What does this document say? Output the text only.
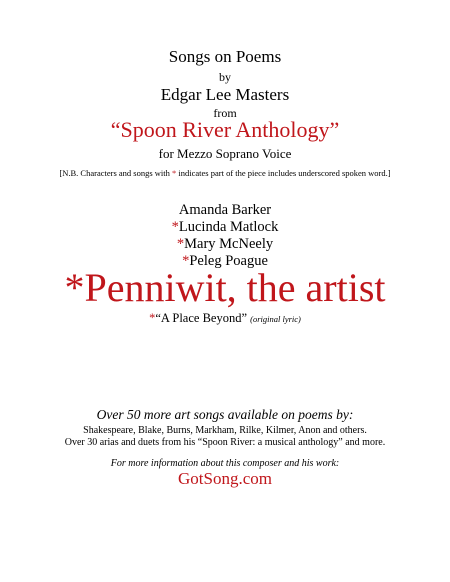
Songs on Poems
by
Edgar Lee Masters
from
“Spoon River Anthology”
for Mezzo Soprano Voice
[N.B. Characters and songs with * indicates part of the piece includes underscored spoken word.]
Amanda Barker
*Lucinda Matlock
*Mary McNeely
*Peleg Poague
*Penniwit, the artist
*“A Place Beyond” (original lyric)
Over 50 more art songs available on poems by:
Shakespeare, Blake, Burns, Markham, Rilke, Kilmer, Anon and others.
Over 30 arias and duets from his “Spoon River: a musical anthology” and more.
For more information about this composer and his work:
GotSong.com
